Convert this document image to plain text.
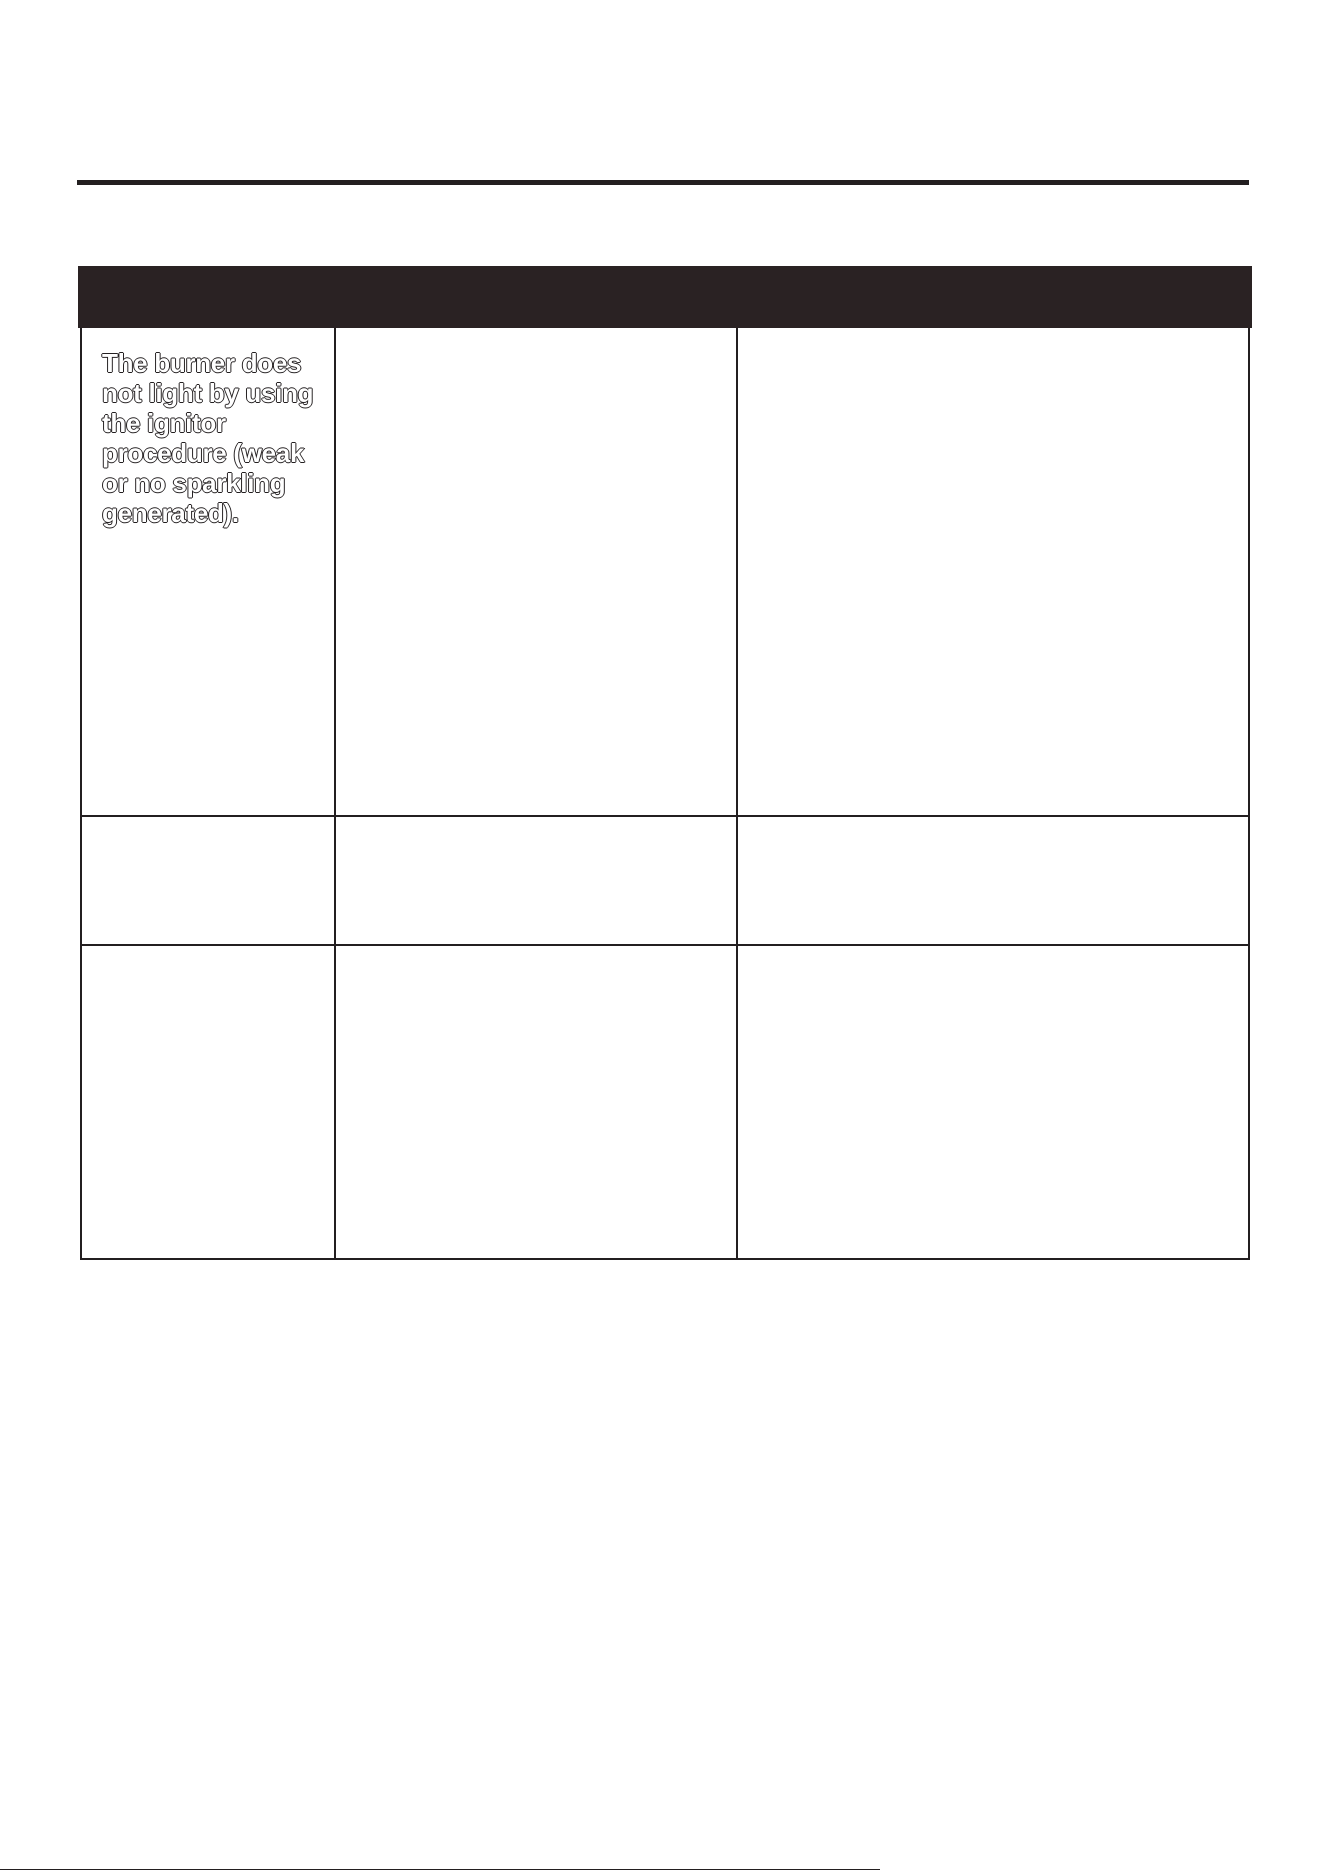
The burner does not light by using the ignitor procedure (weak or no sparkling generated).
